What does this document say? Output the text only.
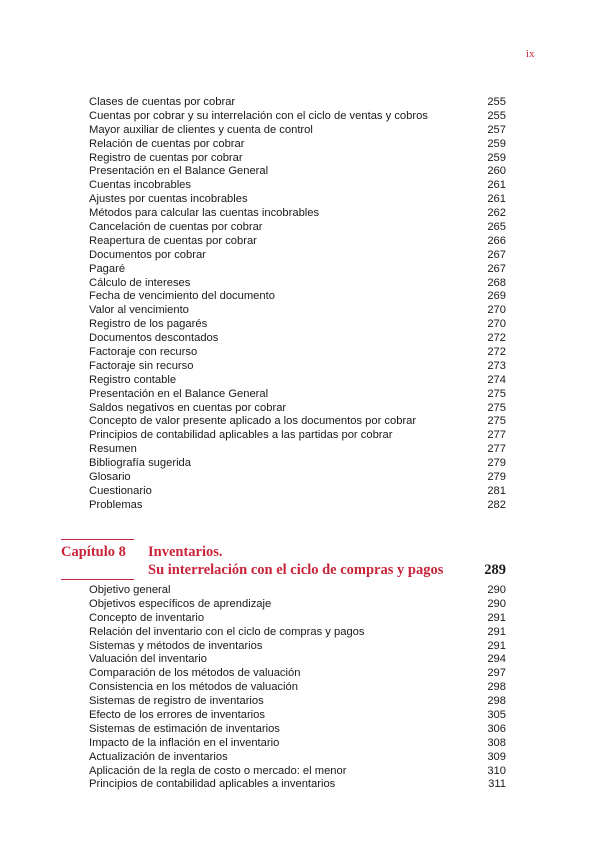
ix
Clases de cuentas por cobrar	255
Cuentas por cobrar y su interrelación con el ciclo de ventas y cobros	255
Mayor auxiliar de clientes y cuenta de control	257
Relación de cuentas por cobrar	259
Registro de cuentas por cobrar	259
Presentación en el Balance General	260
Cuentas incobrables	261
Ajustes por cuentas incobrables	261
Métodos para calcular las cuentas incobrables	262
Cancelación de cuentas por cobrar	265
Reapertura de cuentas por cobrar	266
Documentos por cobrar	267
Pagaré	267
Cálculo de intereses	268
Fecha de vencimiento del documento	269
Valor al vencimiento	270
Registro de los pagarés	270
Documentos descontados	272
Factoraje con recurso	272
Factoraje sin recurso	273
Registro contable	274
Presentación en el Balance General	275
Saldos negativos en cuentas por cobrar	275
Concepto de valor presente aplicado a los documentos por cobrar	275
Principios de contabilidad aplicables a las partidas por cobrar	277
Resumen	277
Bibliografía sugerida	279
Glosario	279
Cuestionario	281
Problemas	282
Capítulo 8 Inventarios.
Su interrelación con el ciclo de compras y pagos	289
Objetivo general	290
Objetivos específicos de aprendizaje	290
Concepto de inventario	291
Relación del inventario con el ciclo de compras y pagos	291
Sistemas y métodos de inventarios	291
Valuación del inventario	294
Comparación de los métodos de valuación	297
Consistencia en los métodos de valuación	298
Sistemas de registro de inventarios	298
Efecto de los errores de inventarios	305
Sistemas de estimación de inventarios	306
Impacto de la inflación en el inventario	308
Actualización de inventarios	309
Aplicación de la regla de costo o mercado: el menor	310
Principios de contabilidad aplicables a inventarios	311
